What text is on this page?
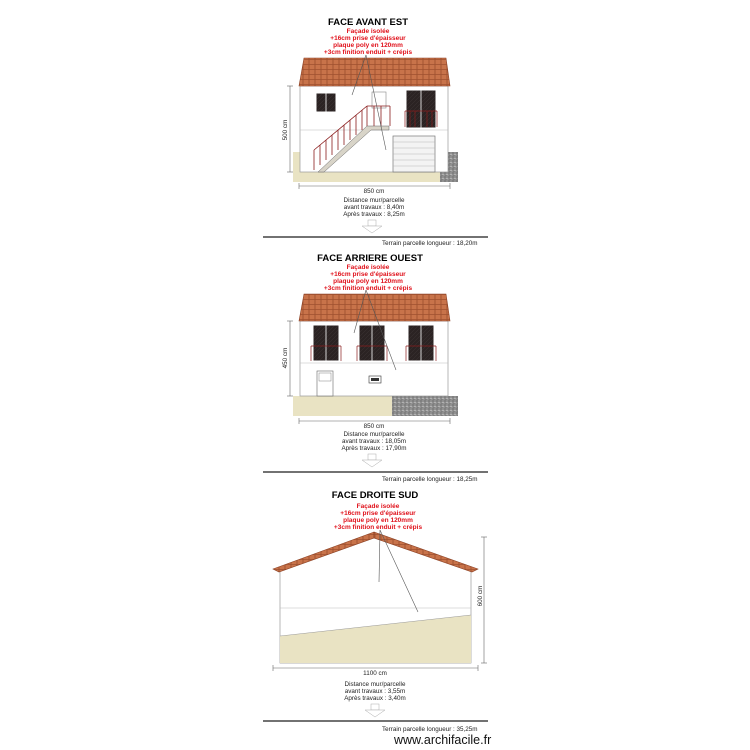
FACE AVANT EST
Façade isolée
+16cm prise d'épaisseur
plaque poly en 120mm
+3cm finition enduit + crépis
500 cm
850 cm
Distance mur/parcelle
avant travaux : 8,40m
Après travaux : 8,25m
Terrain parcelle longueur : 18,20m
FACE ARRIERE OUEST
Façade isolée
+16cm prise d'épaisseur
plaque poly en 120mm
+3cm finition enduit + crépis
450 cm
850 cm
Distance mur/parcelle
avant travaux : 18,05m
Après travaux : 17,90m
Terrain parcelle longueur : 18,25m
FACE DROITE SUD
Façade isolée
+16cm prise d'épaisseur
plaque poly en 120mm
+3cm finition enduit + crépis
600 cm
1100 cm
Distance mur/parcelle
avant travaux : 3,55m
Après travaux : 3,40m
Terrain parcelle longueur : 35,25m
www.archifacile.fr
